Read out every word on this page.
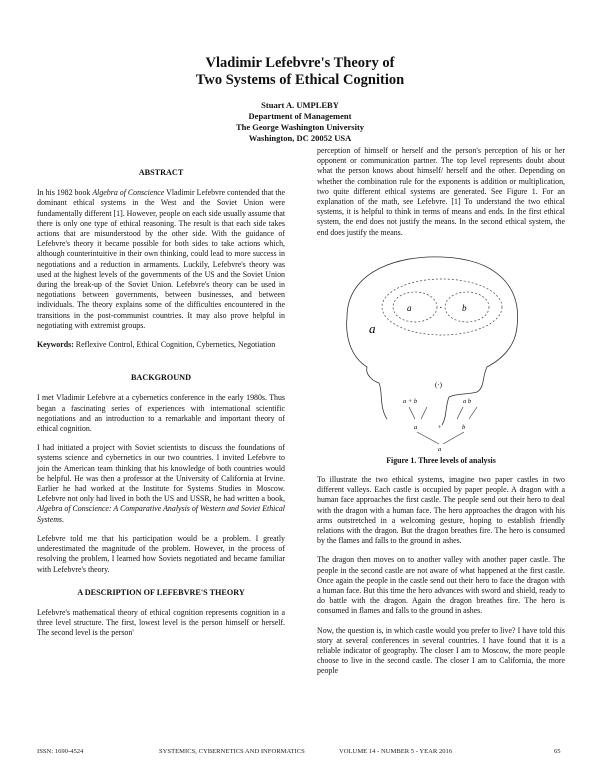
Vladimir Lefebvre's Theory of
Two Systems of Ethical Cognition
Stuart A. UMPLEBY
Department of Management
The George Washington University
Washington, DC 20052 USA
ABSTRACT

In his 1982 book Algebra of Conscience Vladimir Lefebvre contended that the dominant ethical systems in the West and the Soviet Union were fundamentally different [1]. However, people on each side usually assume that there is only one type of ethical reasoning. The result is that each side takes actions that are misunderstood by the other side. With the guidance of Lefebvre's theory it became possible for both sides to take actions which, although counterintuitive in their own thinking, could lead to more success in negotiations and a reduction in armaments. Luckily, Lefebvre's theory was used at the highest levels of the governments of the US and the Soviet Union during the break-up of the Soviet Union. Lefebvre's theory can be used in negotiations between governments, between businesses, and between individuals. The theory explains some of the difficulties encountered in the transitions in the post-communist countries. It may also prove helpful in negotiating with extremist groups.

Keywords: Reflexive Control, Ethical Cognition, Cybernetics, Negotiation

BACKGROUND

I met Vladimir Lefebvre at a cybernetics conference in the early 1980s. Thus began a fascinating series of experiences with international scientific negotiations and an introduction to a remarkable and important theory of ethical cognition.

I had initiated a project with Soviet scientists to discuss the foundations of systems science and cybernetics in our two countries. I invited Lefebvre to join the American team thinking that his knowledge of both countries would be helpful. He was then a professor at the University of California at Irvine. Earlier he had worked at the Institute for Systems Studies in Moscow. Lefebvre not only had lived in both the US and USSR, he had written a book, Algebra of Conscience: A Comparative Analysis of Western and Soviet Ethical Systems.

Lefebvre told me that his participation would be a problem. I greatly underestimated the magnitude of the problem. However, in the process of resolving the problem, I learned how Soviets negotiated and became familiar with Lefebvre's theory.

A DESCRIPTION OF LEFEBVRE'S THEORY

Lefebvre's mathematical theory of ethical cognition represents cognition in a three level structure. The first, lowest level is the person himself or herself. The second level is the person'

perception of himself or herself and the person's perception of his or her opponent or communication partner. The top level represents doubt about what the person knows about himself/ herself and the other. Depending on whether the combination rule for the exponents is addition or multiplication, two quite different ethical systems are generated. See Figure 1. For an explanation of the math, see Lefebvre. [1] To understand the two ethical systems, it is helpful to think in terms of means and ends. In the first ethical system, the end does not justify the means. In the second ethical system, the end does justify the means.

a
a	· b
(·)
a + b	a b
a	+	b
a
Figure 1. Three levels of analysis

To illustrate the two ethical systems, imagine two paper castles in two different valleys. Each castle is occupied by paper people. A dragon with a human face approaches the first castle. The people send out their hero to deal with the dragon with a human face. The hero approaches the dragon with his arms outstretched in a welcoming gesture, hoping to establish friendly relations with the dragon. But the dragon breathes fire. The hero is consumed by the flames and falls to the ground in ashes.

The dragon then moves on to another valley with another paper castle. The people in the second castle are not aware of what happened at the first castle. Once again the people in the castle send out their hero to face the dragon with a human face. But this time the hero advances with sword and shield, ready to do battle with the dragon. Again the dragon breathes fire. The hero is consumed in flames and falls to the ground in ashes.

Now, the question is, in which castle would you prefer to live? I have told this story at several conferences in several countries. I have found that it is a reliable indicator of geography. The closer I am to Moscow, the more people choose to live in the second castle. The closer I am to California, the more people

ISSN: 1690-4524	SYSTEMICS, CYBERNETICS AND INFORMATICS	VOLUME 14 - NUMBER 5 - YEAR 2016	65
